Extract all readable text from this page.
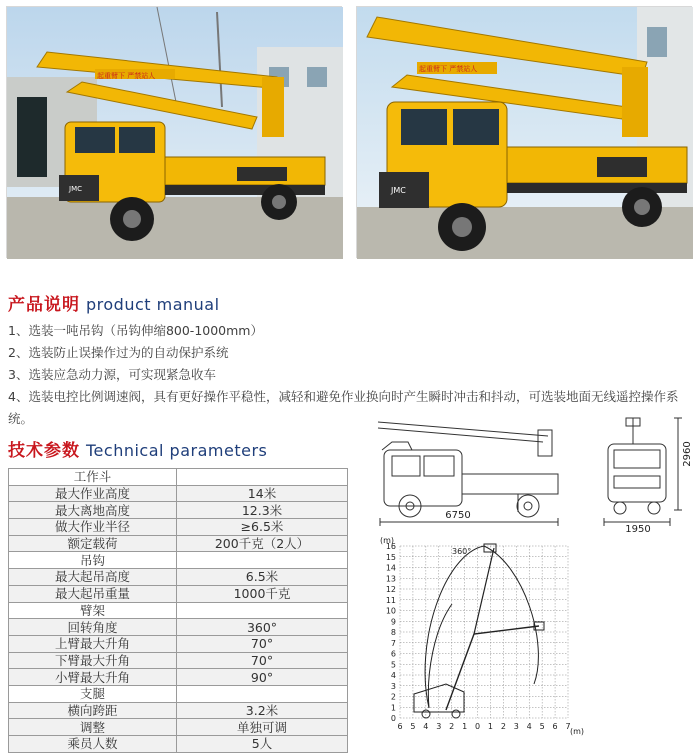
起重臂下 严禁站人
JMC
起重臂下 严禁站人
JMC
产品说明 product manual
1、选装一吨吊钩（吊钩伸缩800-1000mm）
2、选装防止误操作过为的自动保护系统
3、选装应急动力源，可实现紧急收车
4、选装电控比例调速阀，具有更好操作平稳性，减轻和避免作业换向时产生瞬时冲击和抖动，可选装地面无线遥控操作系统。
技术参数 Technical parameters
工作斗	
最大作业高度	14米
最大离地高度	12.3米
做大作业半径	≥6.5米
额定载荷	200千克（2人）
吊钩	
最大起吊高度	6.5米
最大起吊重量	1000千克
臂架	
回转角度	360°
上臂最大升角	70°
下臂最大升角	70°
小臂最大升角	90°
支腿	
横向跨距	3.2米
调整	单独可调
乘员人数	5人
6750
1950
2960
16
15
14
13
12
11
10
9
8
7
6
5
4
3
2
1
0
6 5 4 3 2 1 0 1 2 3 4 5 6 7
(m)
(m)
360°
